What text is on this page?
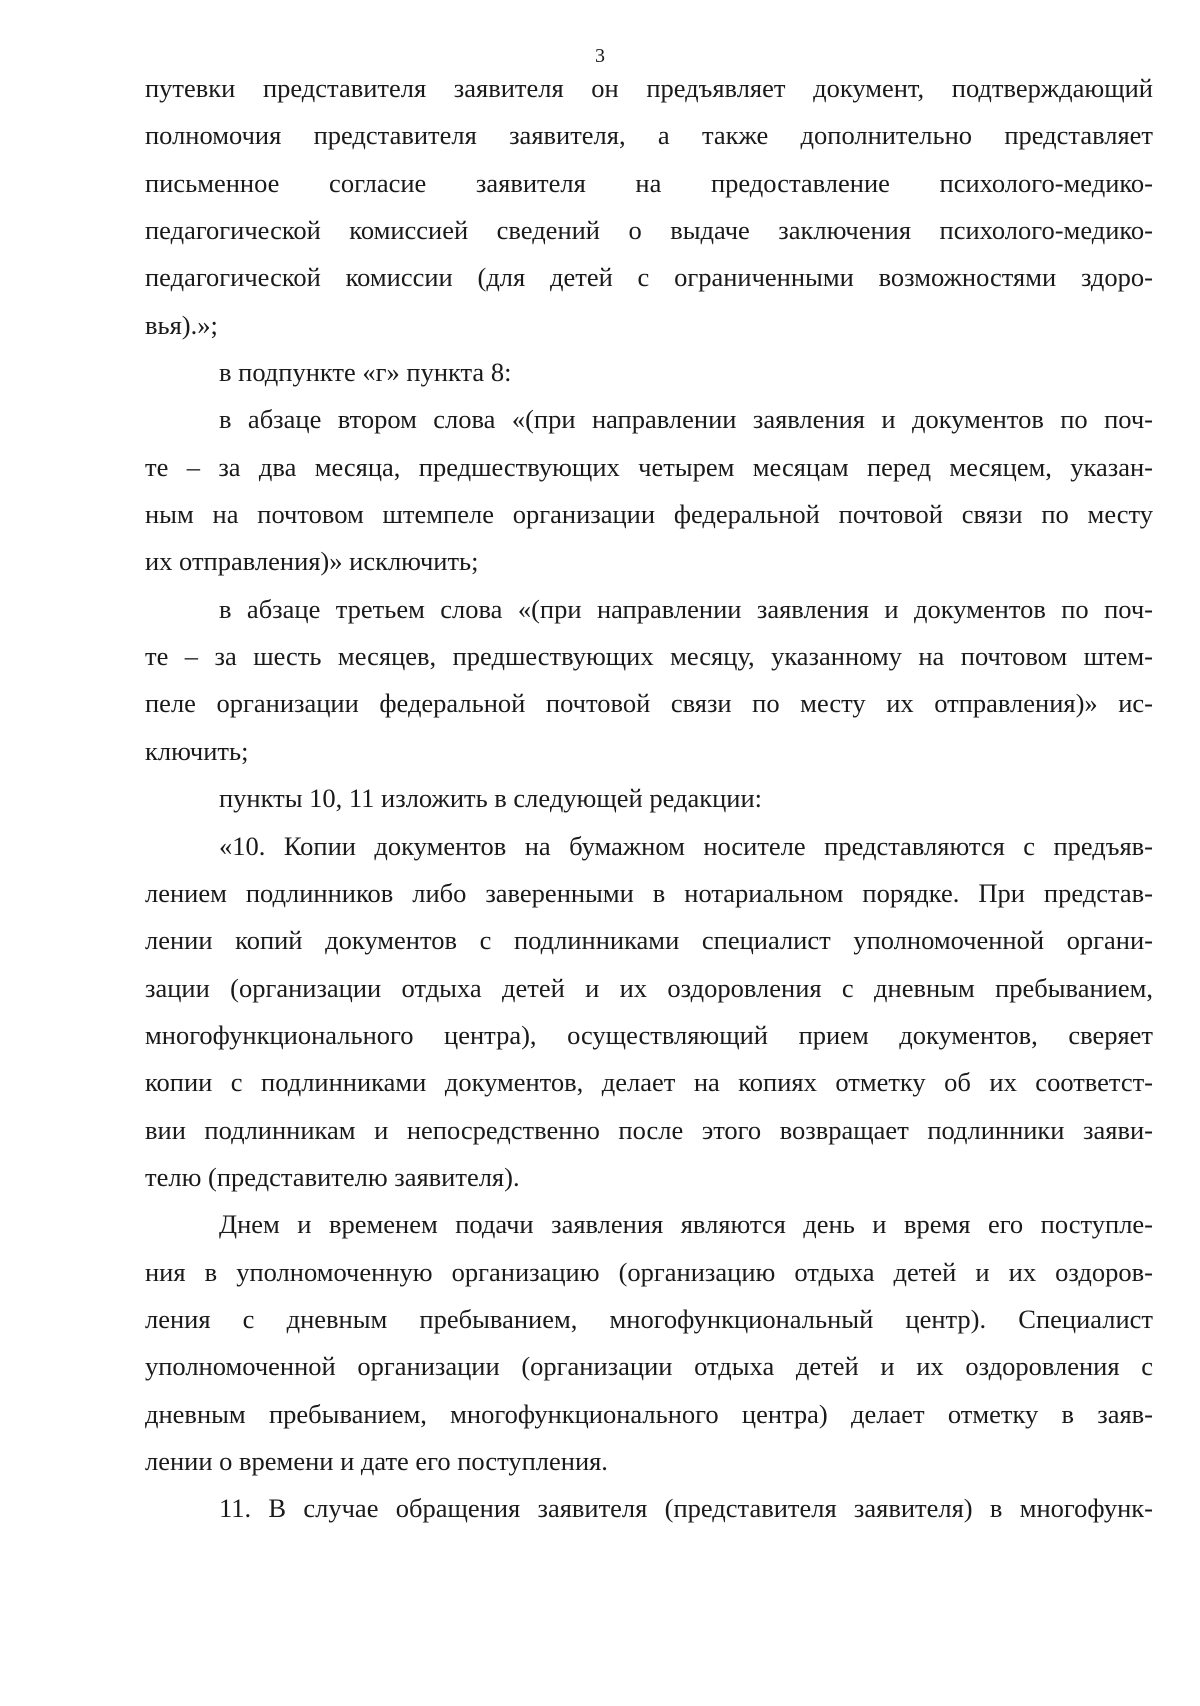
3
путевки представителя заявителя он предъявляет документ, подтверждающий
полномочия представителя заявителя, а также дополнительно представляет
письменное согласие заявителя на предоставление психолого-медико-
педагогической комиссией сведений о выдаче заключения психолого-медико-
педагогической комиссии (для детей с ограниченными возможностями здоро-
вья).»;
в подпункте «г» пункта 8:
в абзаце втором слова «(при направлении заявления и документов по поч-
те – за два месяца, предшествующих четырем месяцам перед месяцем, указан-
ным на почтовом штемпеле организации федеральной почтовой связи по месту
их отправления)» исключить;
в абзаце третьем слова «(при направлении заявления и документов по поч-
те – за шесть месяцев, предшествующих месяцу, указанному на почтовом штем-
пеле организации федеральной почтовой связи по месту их отправления)» ис-
ключить;
пункты 10, 11 изложить в следующей редакции:
«10. Копии документов на бумажном носителе представляются с предъяв-
лением подлинников либо заверенными в нотариальном порядке. При представ-
лении копий документов с подлинниками специалист уполномоченной органи-
зации (организации отдыха детей и их оздоровления с дневным пребыванием,
многофункционального центра), осуществляющий прием документов, сверяет
копии с подлинниками документов, делает на копиях отметку об их соответст-
вии подлинникам и непосредственно после этого возвращает подлинники заяви-
телю (представителю заявителя).
Днем и временем подачи заявления являются день и время его поступле-
ния в уполномоченную организацию (организацию отдыха детей и их оздоров-
ления с дневным пребыванием, многофункциональный центр). Специалист
уполномоченной организации (организации отдыха детей и их оздоровления с
дневным пребыванием, многофункционального центра) делает отметку в заяв-
лении о времени и дате его поступления.
11. В случае обращения заявителя (представителя заявителя) в многофунк-
